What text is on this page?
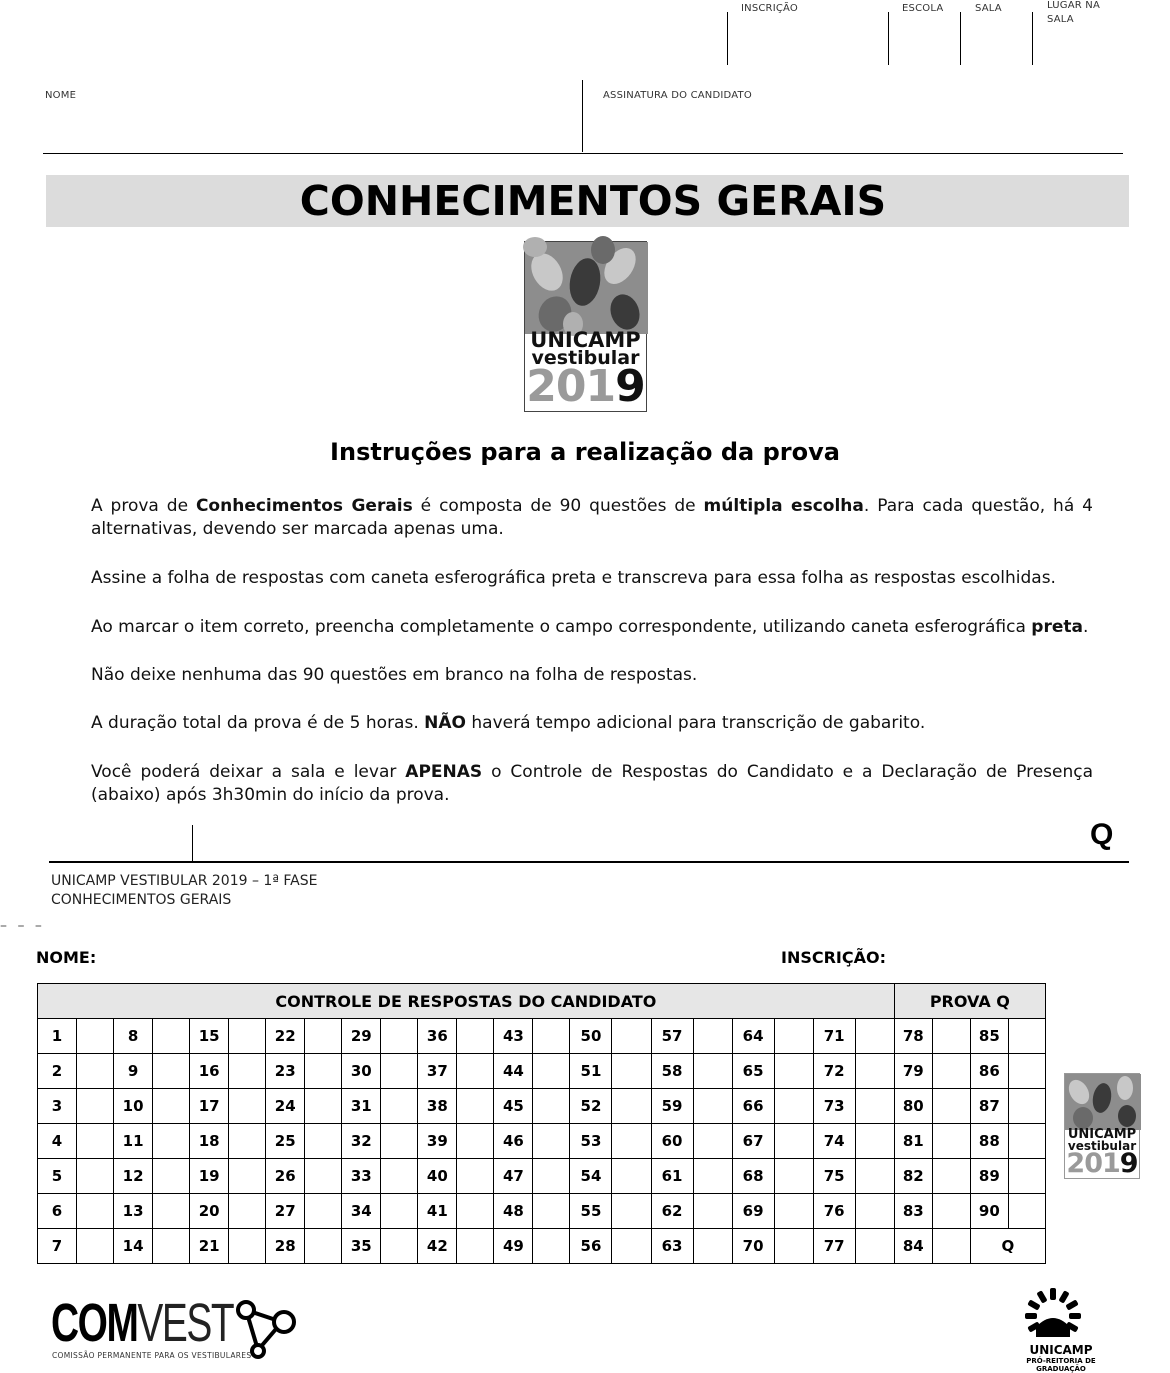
INSCRIÇÃO	ESCOLA	SALA	LUGAR NA
SALA
NOME	ASSINATURA DO CANDIDATO
CONHECIMENTOS GERAIS
UNICAMP
vestibular
2019
Instruções para a realização da prova

A prova de Conhecimentos Gerais é composta de 90 questões de múltipla escolha. Para cada questão, há 4 alternativas, devendo ser marcada apenas uma.

Assine a folha de respostas com caneta esferográfica preta e transcreva para essa folha as respostas escolhidas.

Ao marcar o item correto, preencha completamente o campo correspondente, utilizando caneta esferográfica preta.

Não deixe nenhuma das 90 questões em branco na folha de respostas.

A duração total da prova é de 5 horas. NÃO haverá tempo adicional para transcrição de gabarito.

Você poderá deixar a sala e levar APENAS o Controle de Respostas do Candidato e a Declaração de Presença (abaixo) após 3h30min do início da prova.

Q
UNICAMP VESTIBULAR 2019 – 1ª FASE
CONHECIMENTOS GERAIS
– – –
NOME:	INSCRIÇÃO:
CONTROLE DE RESPOSTAS DO CANDIDATO																						PROVA Q			
1		8		15		22		29		36		43		50		57		64		71		78		85	
2		9		16		23		30		37		44		51		58		65		72		79		86	
3		10		17		24		31		38		45		52		59		66		73		80		87	
4		11		18		25		32		39		46		53		60		67		74		81		88	
5		12		19		26		33		40		47		54		61		68		75		82		89	
6		13		20		27		34		41		48		55		62		69		76		83		90	
7		14		21		28		35		42		49		56		63		70		77		84		Q	
UNICAMP
vestibular
2019
COMVEST
COMISSÃO PERMANENTE PARA OS VESTIBULARES	UNICAMP
PRÓ-REITORIA DE GRADUAÇÃO
